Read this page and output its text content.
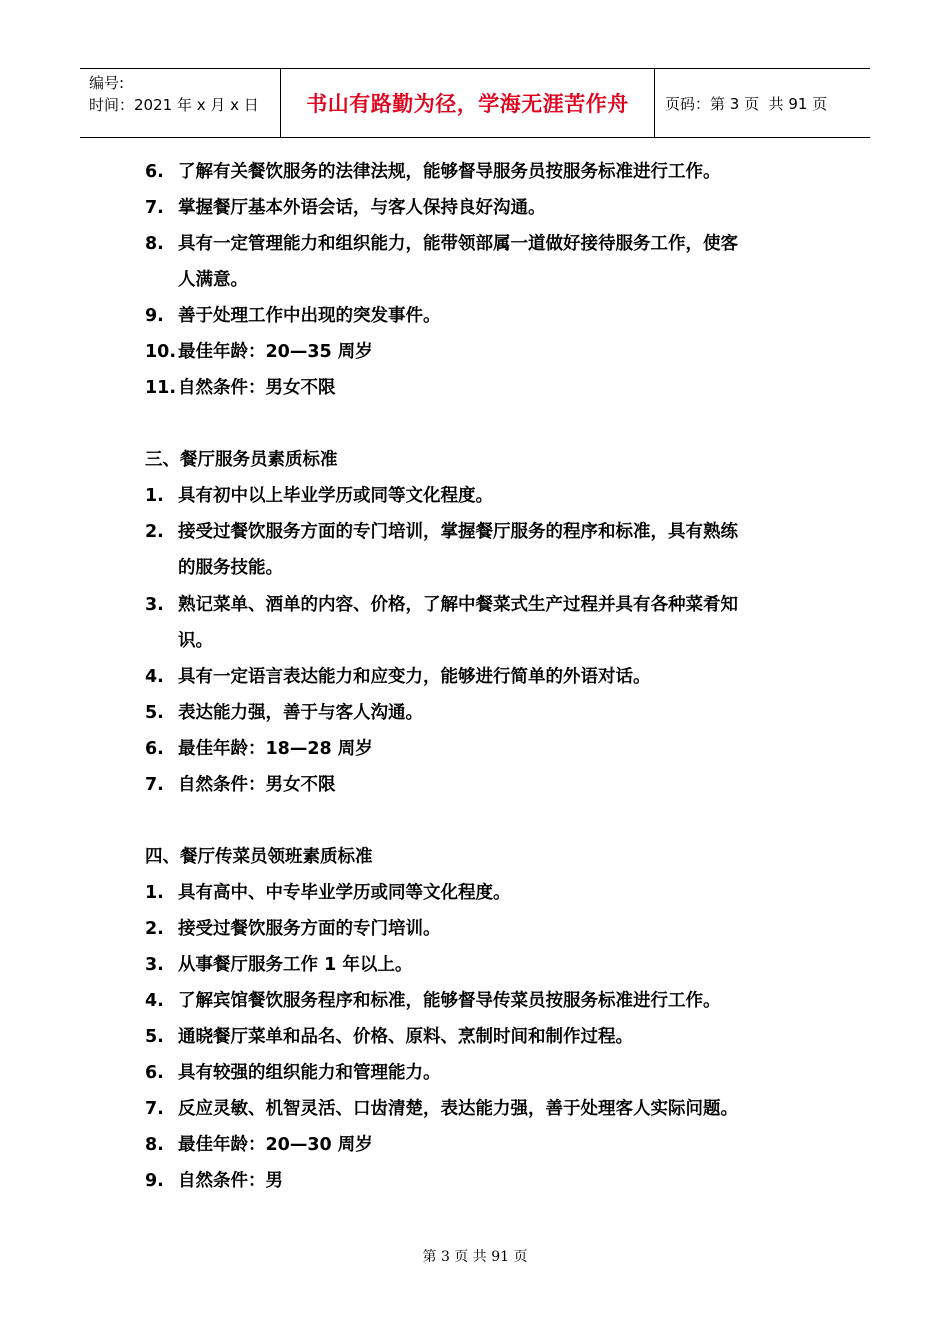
编号:
时间：2021 年 x 月 x 日	书山有路勤为径，学海无涯苦作舟	页码：第 3 页  共 91 页
6. 了解有关餐饮服务的法律法规，能够督导服务员按服务标准进行工作。
7. 掌握餐厅基本外语会话，与客人保持良好沟通。
8. 具有一定管理能力和组织能力，能带领部属一道做好接待服务工作，使客
人满意。
9. 善于处理工作中出现的突发事件。
10. 最佳年龄：20—35 周岁
11. 自然条件：男女不限
三、餐厅服务员素质标准
1. 具有初中以上毕业学历或同等文化程度。
2. 接受过餐饮服务方面的专门培训，掌握餐厅服务的程序和标准，具有熟练
的服务技能。
3. 熟记菜单、酒单的内容、价格，了解中餐菜式生产过程并具有各种菜肴知
识。
4. 具有一定语言表达能力和应变力，能够进行简单的外语对话。
5. 表达能力强，善于与客人沟通。
6. 最佳年龄：18—28 周岁
7. 自然条件：男女不限
四、餐厅传菜员领班素质标准
1. 具有高中、中专毕业学历或同等文化程度。
2. 接受过餐饮服务方面的专门培训。
3. 从事餐厅服务工作 1 年以上。
4. 了解宾馆餐饮服务程序和标准，能够督导传菜员按服务标准进行工作。
5. 通晓餐厅菜单和品名、价格、原料、烹制时间和制作过程。
6. 具有较强的组织能力和管理能力。
7. 反应灵敏、机智灵活、口齿清楚，表达能力强，善于处理客人实际问题。
8. 最佳年龄：20—30 周岁
9. 自然条件：男
第 3 页 共 91 页
